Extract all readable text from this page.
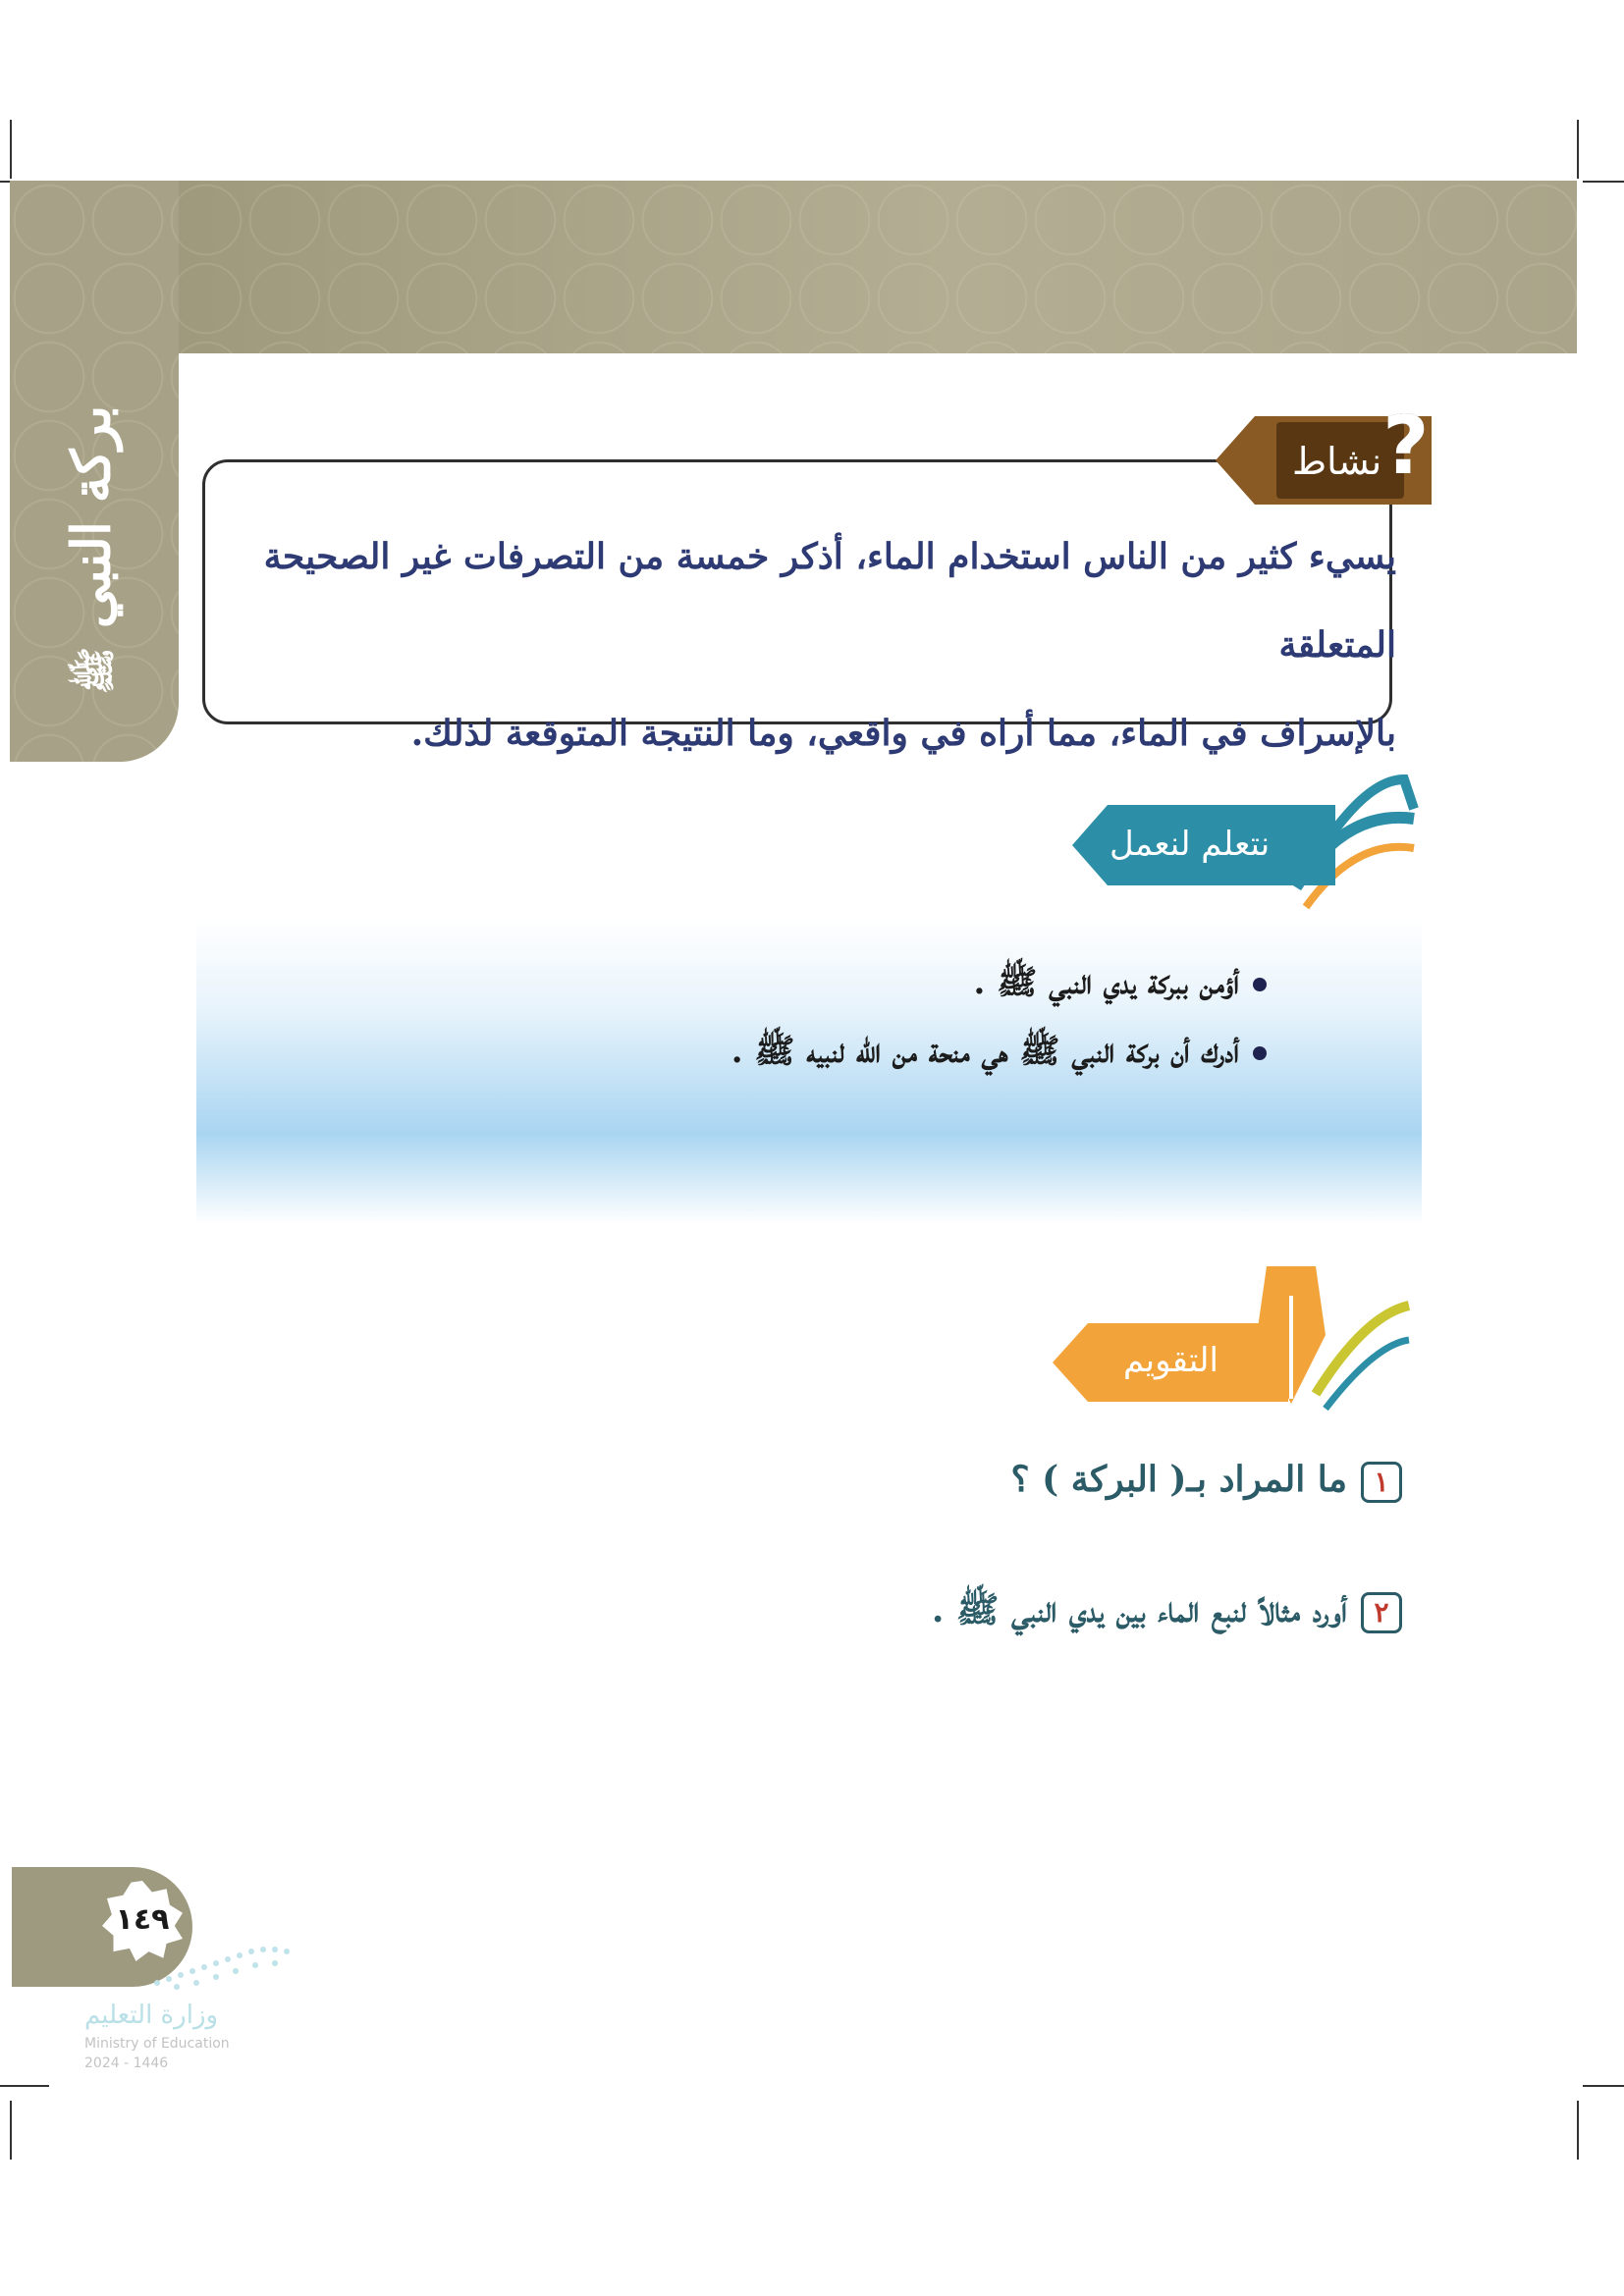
بركة النبي ﷺ
نشاط ?
يسيء كثير من الناس استخدام الماء، أذكر خمسة من التصرفات غير الصحيحة المتعلقة
بالإسراف في الماء، مما أراه في واقعي، وما النتيجة المتوقعة لذلك.
نتعلم لنعمل
أؤمن ببركة يدي النبي ﷺ .
أدرك أن بركة النبي ﷺ هي منحة من الله لنبيه ﷺ .
التقويم
١ما المراد بـ( البركة ) ؟
٢أورد مثالاً لنبع الماء بين يدي النبي ﷺ .
١٤٩
وزارة التعليم
Ministry of Education
2024 - 1446
